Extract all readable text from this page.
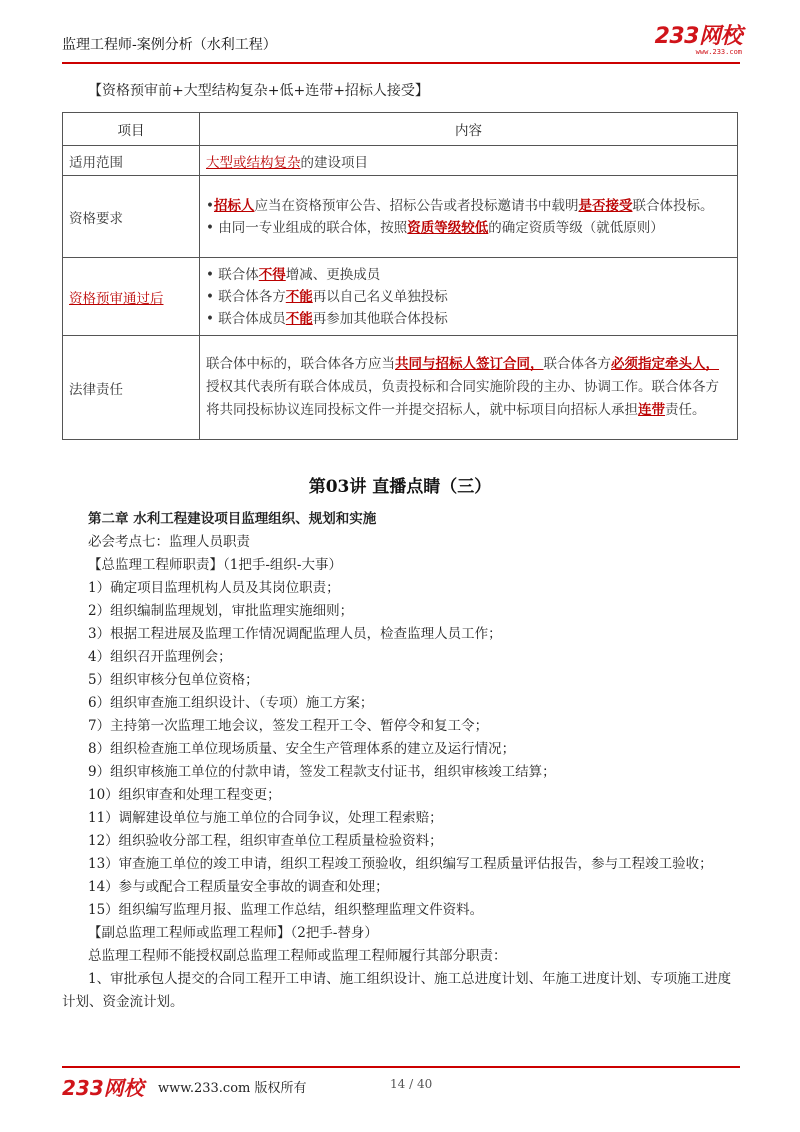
监理工程师-案例分析（水利工程）	233网校
www.233.com
【资格预审前+大型结构复杂+低+连带+招标人接受】
项目	内容
适用范围	大型或结构复杂的建设项目
资格要求	•招标人应当在资格预审公告、招标公告或者投标邀请书中载明是否接受联合体投标。
• 由同一专业组成的联合体，按照资质等级较低的确定资质等级（就低原则）

资格预审通过后	• 联合体不得增减、更换成员
• 联合体各方不能再以自己名义单独投标
• 联合体成员不能再参加其他联合体投标

法律责任	联合体中标的，联合体各方应当共同与招标人签订合同，联合体各方必须指定牵头人，授权其代表所有联合体成员，负责投标和合同实施阶段的主办、协调工作。联合体各方将共同投标协议连同投标文件一并提交招标人，就中标项目向招标人承担连带责任。
第03讲 直播点睛（三）
第二章 水利工程建设项目监理组织、规划和实施
必会考点七：监理人员职责
【总监理工程师职责】（1把手-组织-大事）
1）确定项目监理机构人员及其岗位职责；
2）组织编制监理规划，审批监理实施细则；
3）根据工程进展及监理工作情况调配监理人员，检查监理人员工作；
4）组织召开监理例会；
5）组织审核分包单位资格；
6）组织审查施工组织设计、（专项）施工方案；
7）主持第一次监理工地会议，签发工程开工令、暂停令和复工令；
8）组织检查施工单位现场质量、安全生产管理体系的建立及运行情况；
9）组织审核施工单位的付款申请，签发工程款支付证书，组织审核竣工结算；
10）组织审查和处理工程变更；
11）调解建设单位与施工单位的合同争议，处理工程索赔；
12）组织验收分部工程，组织审查单位工程质量检验资料；
13）审查施工单位的竣工申请，组织工程竣工预验收，组织编写工程质量评估报告，参与工程竣工验收；
14）参与或配合工程质量安全事故的调查和处理；
15）组织编写监理月报、监理工作总结，组织整理监理文件资料。
【副总监理工程师或监理工程师】（2把手-替身）
总监理工程师不能授权副总监理工程师或监理工程师履行其部分职责：
1、审批承包人提交的合同工程开工申请、施工组织设计、施工总进度计划、年施工进度计划、专项施工进度计划、资金流计划。
233网校 www.233.com 版权所有	14 / 40
